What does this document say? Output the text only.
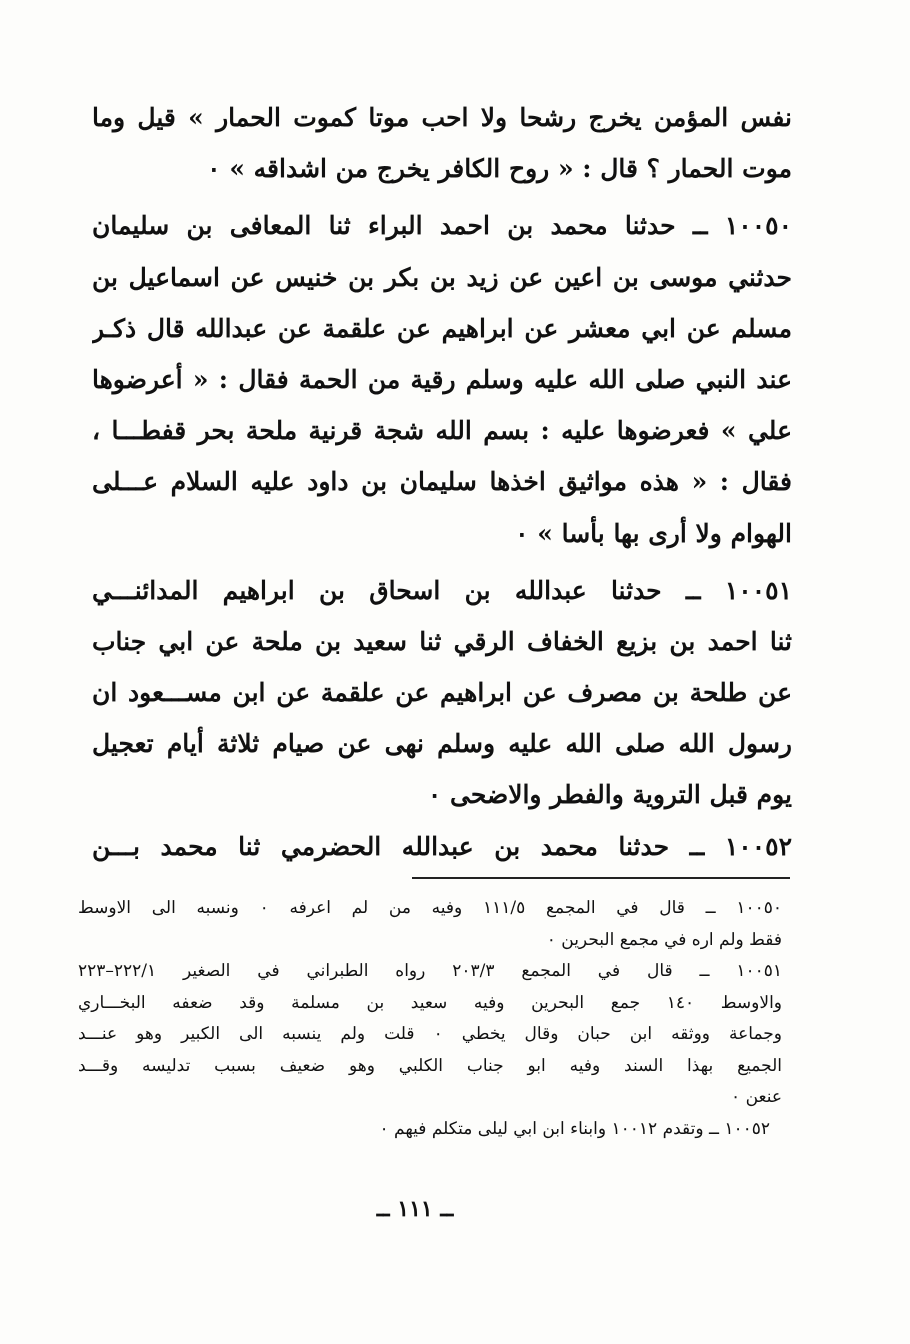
نفس المؤمن يخرج رشحا ولا احب موتا كموت الحمار » قيل وما
موت الحمار ؟ قال : « روح الكافر يخرج من اشداقه » ٠
١٠٠٥٠ ــ حدثنا محمد بن احمد البراء ثنا المعافى بن سليمان
حدثني موسى بن اعين عن زيد بن بكر بن خنيس عن اسماعيل بن
مسلم عن ابي معشر عن ابراهيم عن علقمة عن عبدالله قال ذكـر
عند النبي صلى الله عليه وسلم رقية من الحمة فقال : « أعرضوها
علي » فعرضوها عليه : بسم الله شجة قرنية ملحة بحر قفطـــا ،
فقال : « هذه مواثيق اخذها سليمان بن داود عليه السلام عـــلى
الهوام ولا أرى بها بأسا » ٠
١٠٠٥١ ــ حدثنا عبدالله بن اسحاق بن ابراهيم المدائنـــي
ثنا احمد بن بزيع الخفاف الرقي ثنا سعيد بن ملحة عن ابي جناب
عن طلحة بن مصرف عن ابراهيم عن علقمة عن ابن مســـعود ان
رسول الله صلى الله عليه وسلم نهى عن صيام ثلاثة أيام تعجيل
يوم قبل التروية والفطر والاضحى ٠
١٠٠٥٢ ــ حدثنا محمد بن عبدالله الحضرمي ثنا محمد بـــن
١٠٠٥٠ ــ قال في المجمع ١١١/٥ وفيه من لم اعرفه ٠ ونسبه الى الاوسط
فقط ولم اره في مجمع البحرين ٠
١٠٠٥١ ــ قال في المجمع ٢٠٣/٣ رواه الطبراني في الصغير ٢٢٢/١–٢٢٣
والاوسط ١٤٠ جمع البحرين وفيه سعيد بن مسلمة وقد ضعفه البخـــاري
وجماعة ووثقه ابن حبان وقال يخطي ٠ قلت ولم ينسبه الى الكبير وهو عنـــد
الجميع بهذا السند وفيه ابو جناب الكلبي وهو ضعيف بسبب تدليسه وقـــد
عنعن ٠
١٠٠٥٢ ــ وتقدم ١٠٠١٢ وابناء ابن ابي ليلى متكلم فيهم ٠
ــ ١١١ ــ
